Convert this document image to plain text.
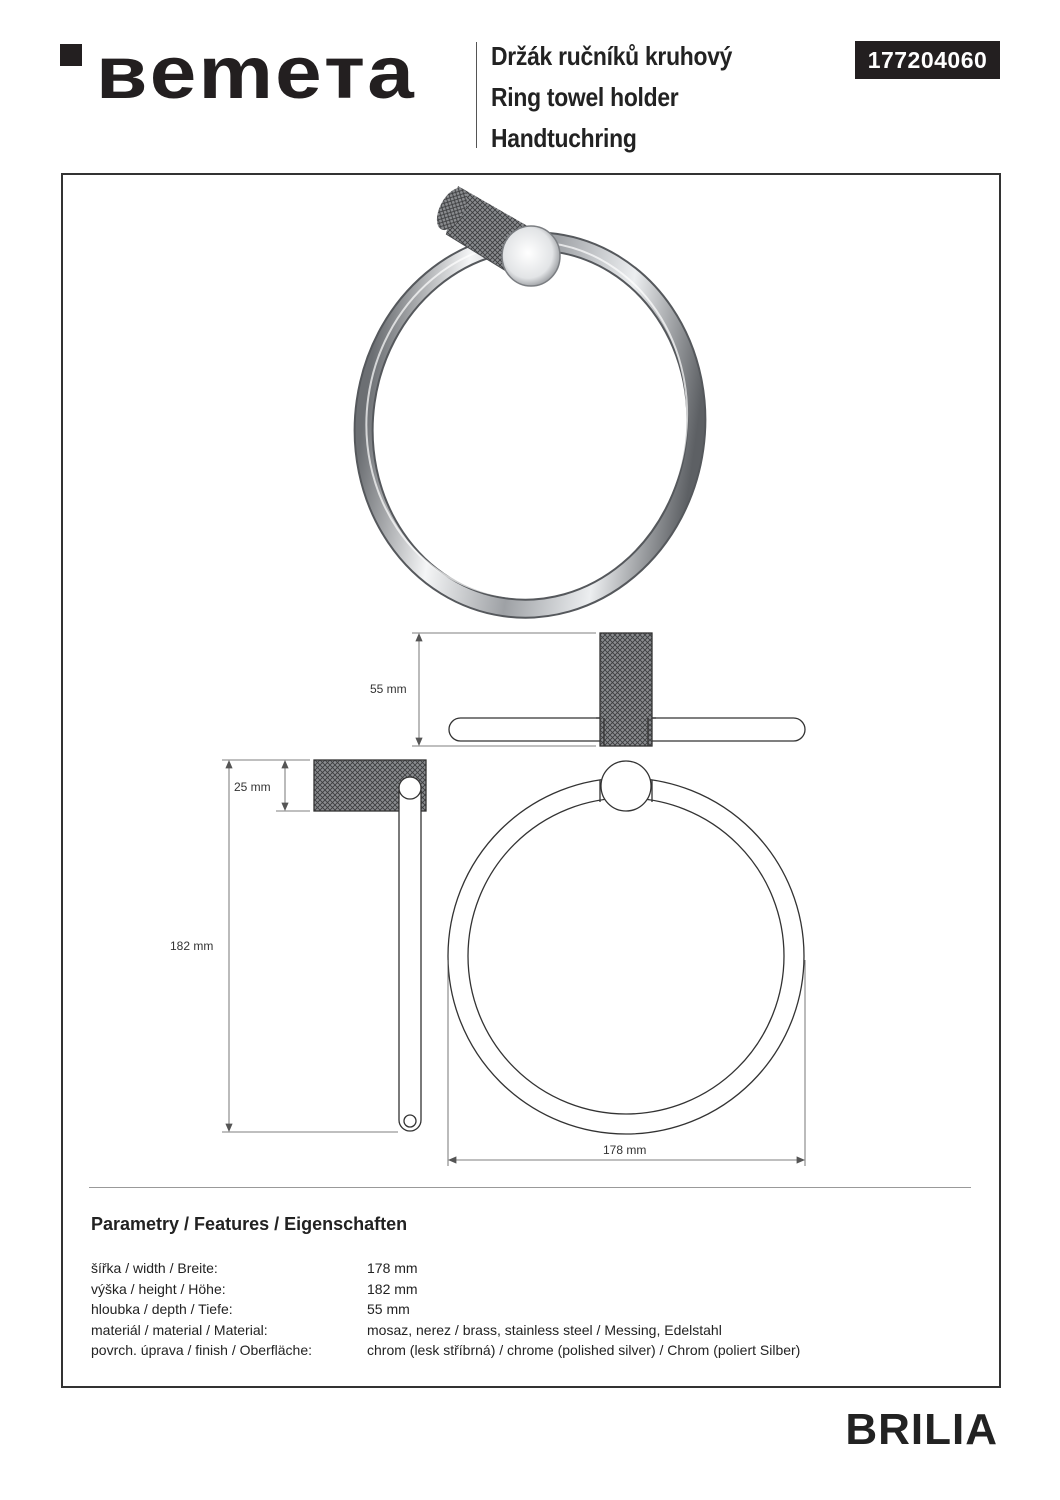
вemeта	Držák ručníků kruhový
Ring towel holder
Handtuchring
177204060
55 mm
25 mm
182 mm
178 mm
Parametry / Features / Eigenschaften
šířka / width / Breite:	178 mm
výška / height / Höhe:	182 mm
hloubka / depth / Tiefe:	55 mm
materiál / material / Material:	mosaz, nerez / brass, stainless steel / Messing, Edelstahl
povrch. úprava / finish / Oberfläche:	chrom (lesk stříbrná) / chrome (polished silver) / Chrom (poliert Silber)
BRILIA
